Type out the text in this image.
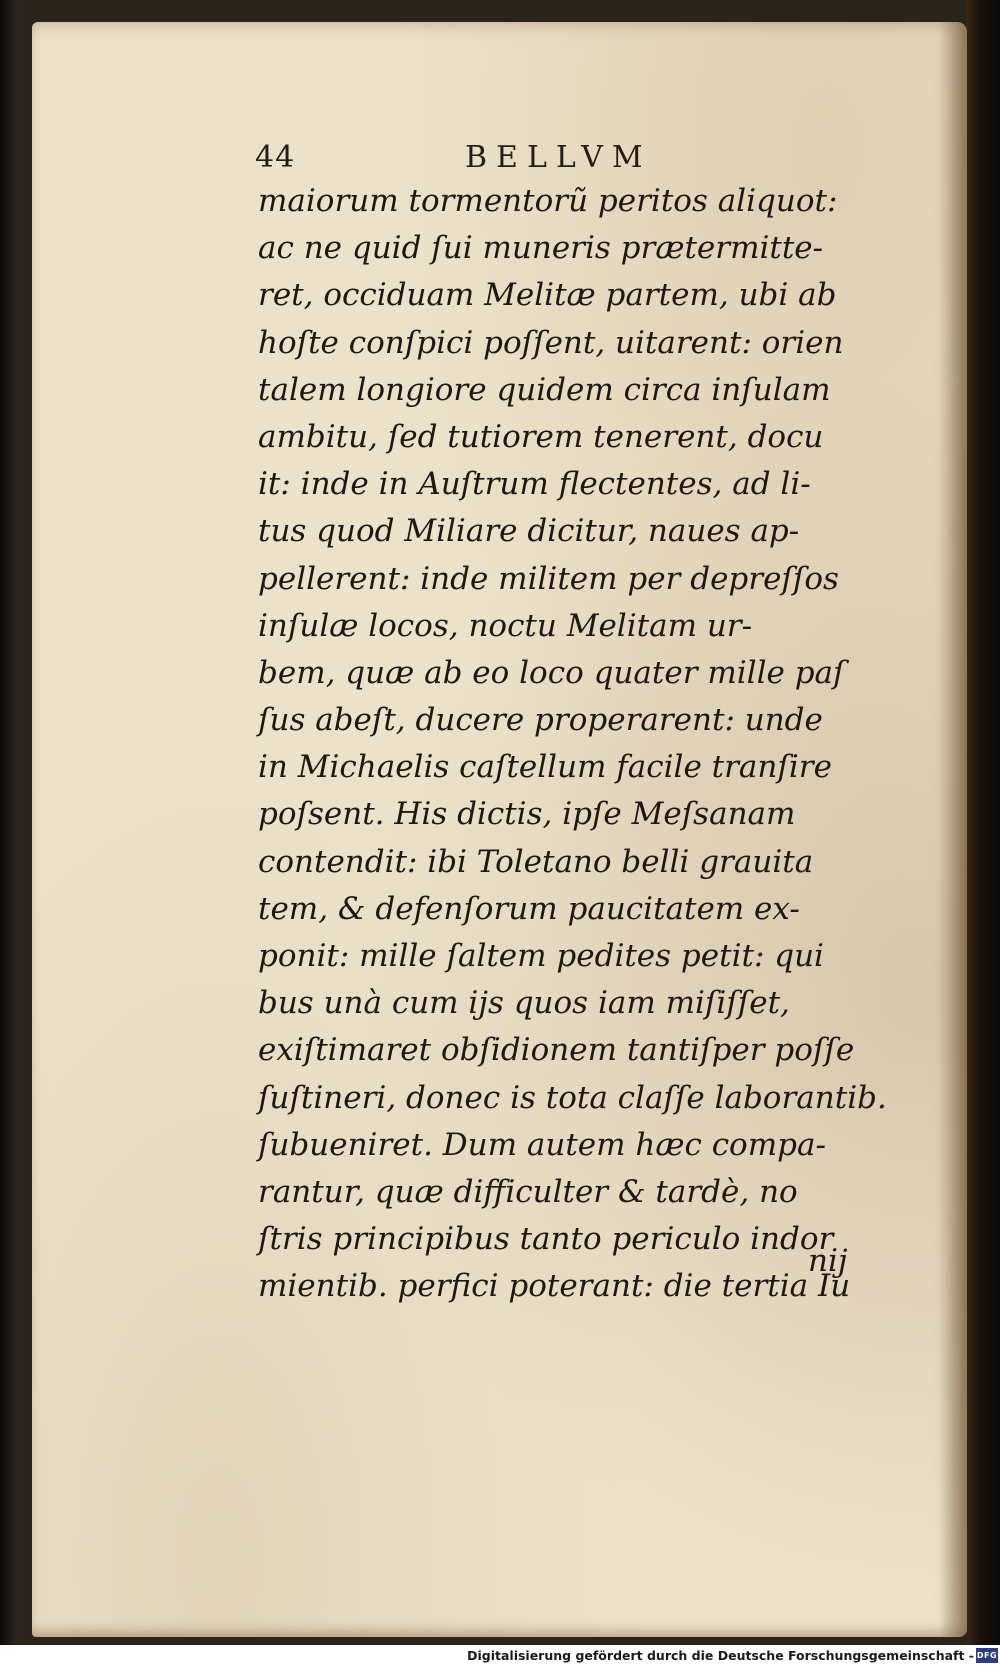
44	BELLVM
maiorum tormentorũ peritos aliquot:
ac ne quid ſui muneris prætermitte-
ret, occiduam Melitæ partem, ubi ab
hoſte conſpici poſſent, uitarent: orien
talem longiore quidem circa inſulam
ambitu, ſed tutiorem tenerent, docu
it: inde in Auſtrum flectentes, ad li-
tus quod Miliare dicitur, naues ap-
pellerent: inde militem per depreſſos
inſulæ locos, noctu Melitam ur-
bem, quæ ab eo loco quater mille paſ
ſus abeſt, ducere properarent: unde
in Michaelis caſtellum facile tranſire
poſsent. His dictis, ipſe Meſsanam
contendit: ibi Toletano belli grauita
tem, & defenſorum paucitatem ex-
ponit: mille ſaltem pedites petit: qui
bus unà cum ijs quos iam miſiſſet,
exiſtimaret obſidionem tantiſper poſſe
ſuſtineri, donec is tota claſſe laborantib.
ſubueniret. Dum autem hæc compa-
rantur, quæ difficulter & tardè, no
ſtris principibus tanto periculo indor
mientib. perfici poterant: die tertia Iu
nij
Digitalisierung gefördert durch die Deutsche Forschungsgemeinschaft - DFG
